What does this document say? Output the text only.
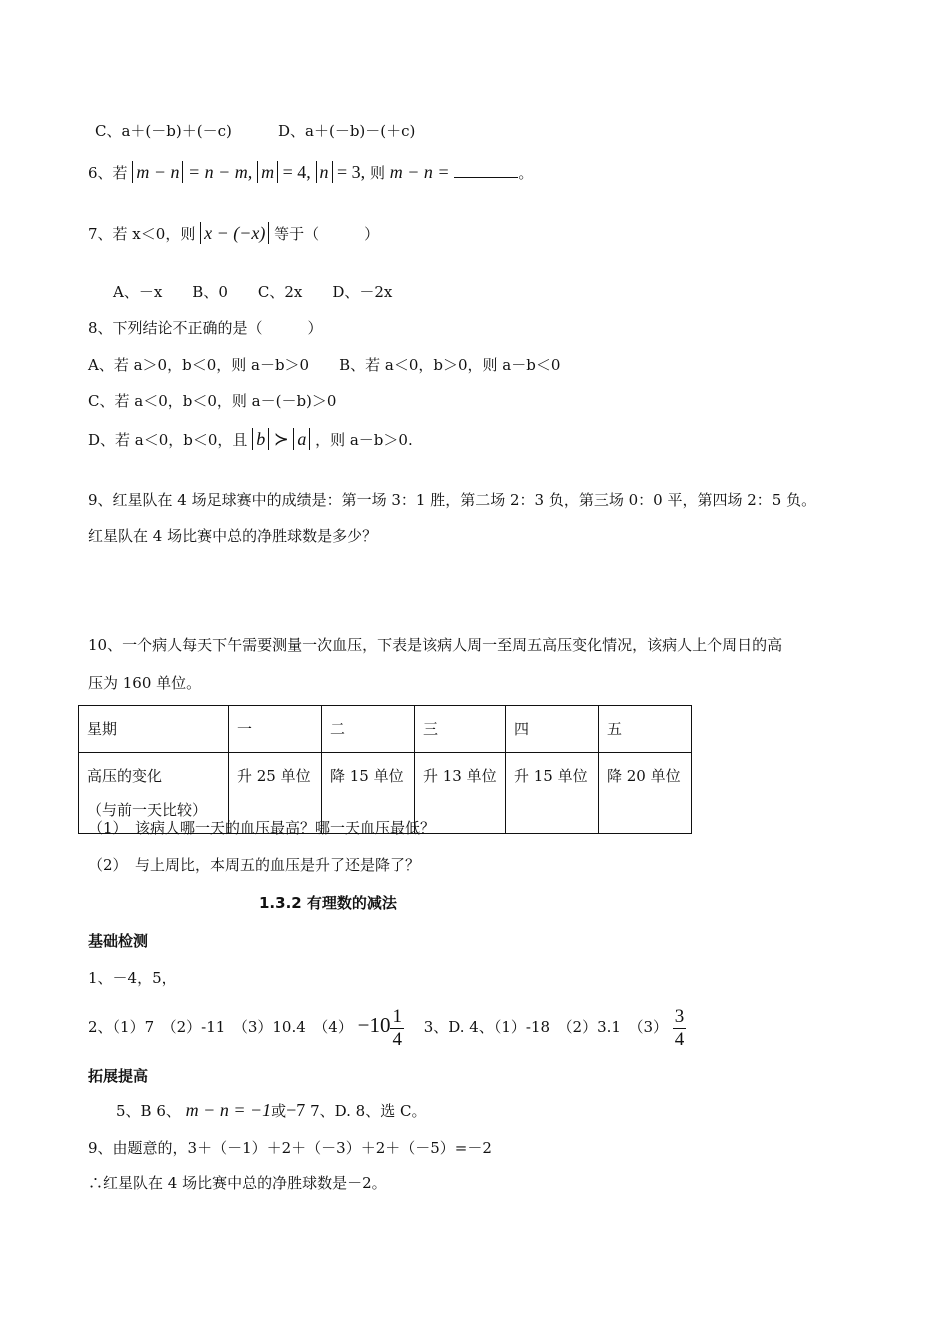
C、a＋(－b)＋(－c)	D、a＋(－b)－(＋c)
6、若 m − n = n − m, m = 4, n = 3, 则 m − n =	。
7、若 x＜0，则 x − (−x) 等于（　　　）
A、－x　　B、0　　C、2x　　D、－2x
8、下列结论不正确的是（　　　）
A、若 a＞0，b＜0，则 a－b＞0　　B、若 a＜0，b＞0，则 a－b＜0
C、若 a＜0，b＜0，则 a－(－b)＞0
D、若 a＜0，b＜0，且 b ≻ a ，则 a－b＞0.
9、红星队在 4 场足球赛中的成绩是：第一场 3：1 胜，第二场 2：3 负，第三场 0：0 平，第四场 2：5 负。
红星队在 4 场比赛中总的净胜球数是多少？
10、一个病人每天下午需要测量一次血压，下表是该病人周一至周五高压变化情况，该病人上个周日的高
压为 160 单位。
星期	一	二	三	四	五

高压的变化
（与前一天比较）	升 25 单位	降 15 单位	升 13 单位	升 15 单位	降 20 单位
（1）　该病人哪一天的血压最高？哪一天血压最低？
（2）　与上周比，本周五的血压是升了还是降了？
1.3.2 有理数的减法
基础检测
1、－4，5，
2、（1）7　（2）-11　（3）10.4　$(4) -10 \frac{1}{4}$ 　3、D. 4、（1）-18　（2）3.1　$(3) \frac{3}{4}$
拓展提高
5、B 6、 m − n = −1或−7 7、D. 8、选 C。
9、由题意的，3＋（－1）＋2＋（－3）＋2＋（－5）=－2
∴红星队在 4 场比赛中总的净胜球数是－2。
